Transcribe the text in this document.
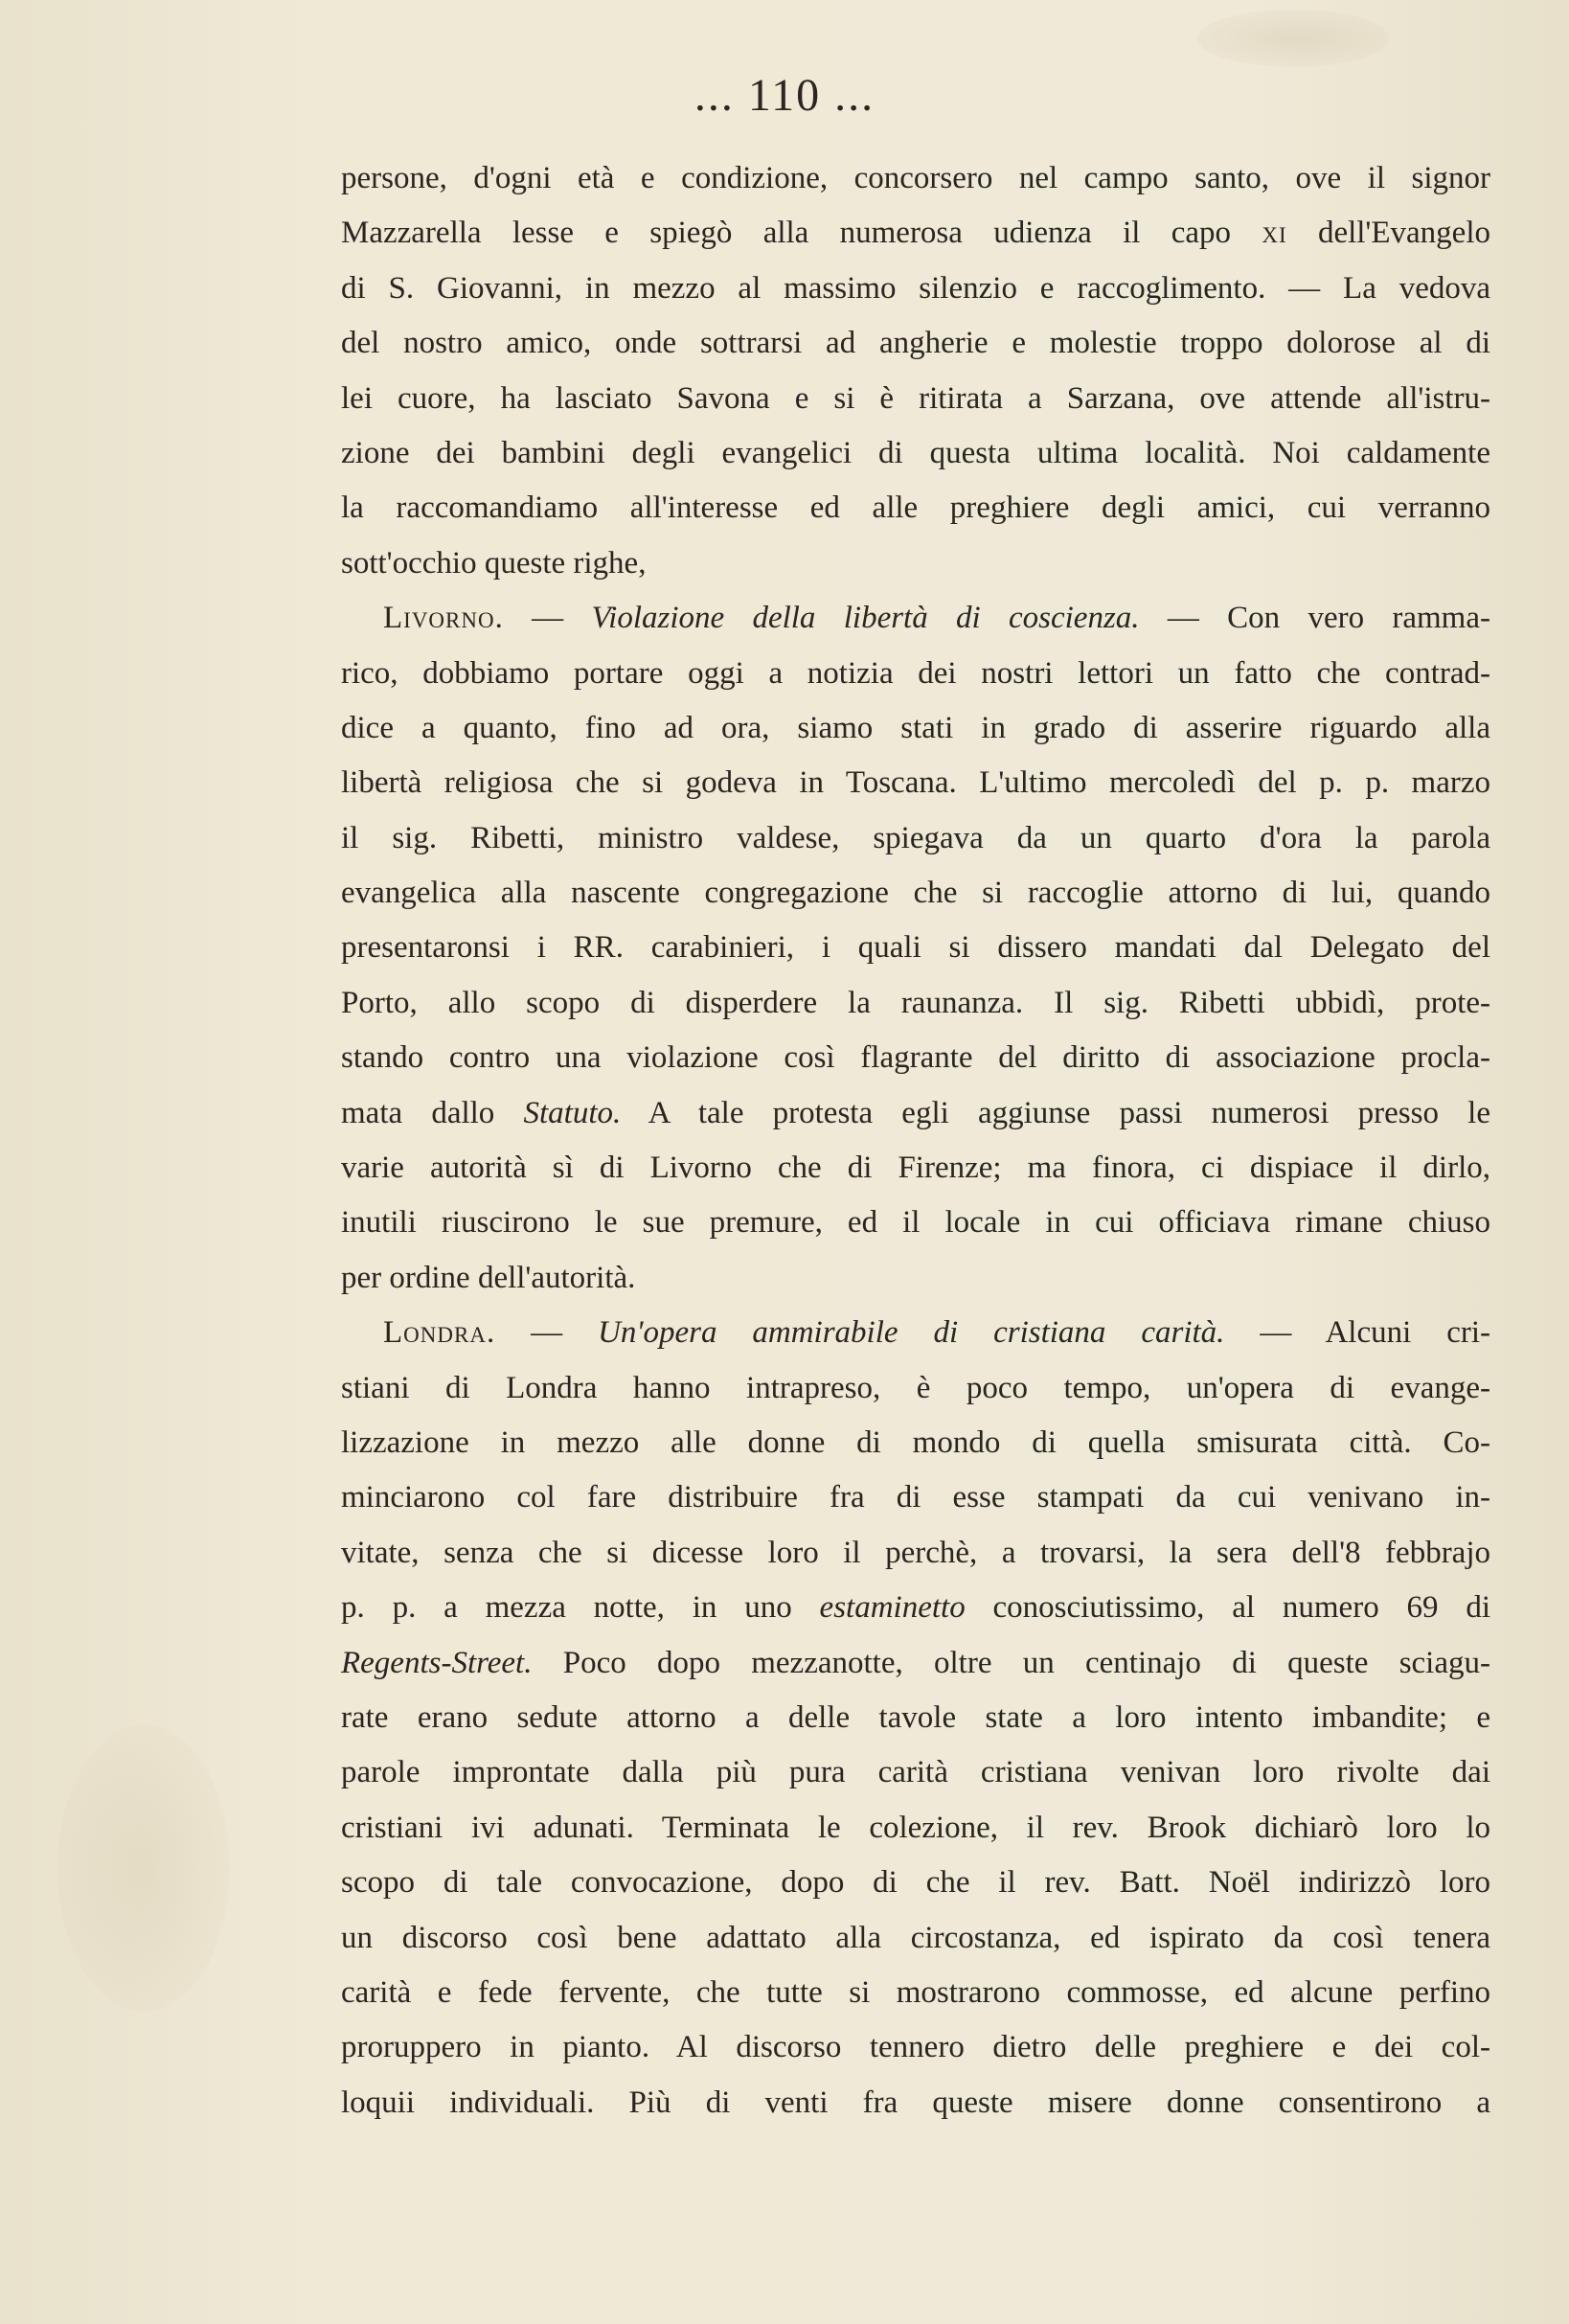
... 110 ...
persone, d'ogni età e condizione, concorsero nel campo santo, ove il signor
Mazzarella lesse e spiegò alla numerosa udienza il capo xi dell'Evangelo
di S. Giovanni, in mezzo al massimo silenzio e raccoglimento. — La vedova
del nostro amico, onde sottrarsi ad angherie e molestie troppo dolorose al di
lei cuore, ha lasciato Savona e si è ritirata a Sarzana, ove attende all'istru-
zione dei bambini degli evangelici di questa ultima località. Noi caldamente
la raccomandiamo all'interesse ed alle preghiere degli amici, cui verranno
sott'occhio queste righe,
Livorno. — Violazione della libertà di coscienza. — Con vero ramma-
rico, dobbiamo portare oggi a notizia dei nostri lettori un fatto che contrad-
dice a quanto, fino ad ora, siamo stati in grado di asserire riguardo alla
libertà religiosa che si godeva in Toscana. L'ultimo mercoledì del p. p. marzo
il sig. Ribetti, ministro valdese, spiegava da un quarto d'ora la parola
evangelica alla nascente congregazione che si raccoglie attorno di lui, quando
presentaronsi i RR. carabinieri, i quali si dissero mandati dal Delegato del
Porto, allo scopo di disperdere la raunanza. Il sig. Ribetti ubbidì, prote-
stando contro una violazione così flagrante del diritto di associazione procla-
mata dallo Statuto. A tale protesta egli aggiunse passi numerosi presso le
varie autorità sì di Livorno che di Firenze; ma finora, ci dispiace il dirlo,
inutili riuscirono le sue premure, ed il locale in cui officiava rimane chiuso
per ordine dell'autorità.
Londra. — Un'opera ammirabile di cristiana carità. — Alcuni cri-
stiani di Londra hanno intrapreso, è poco tempo, un'opera di evange-
lizzazione in mezzo alle donne di mondo di quella smisurata città. Co-
minciarono col fare distribuire fra di esse stampati da cui venivano in-
vitate, senza che si dicesse loro il perchè, a trovarsi, la sera dell'8 febbrajo
p. p. a mezza notte, in uno estaminetto conosciutissimo, al numero 69 di
Regents-Street. Poco dopo mezzanotte, oltre un centinajo di queste sciagu-
rate erano sedute attorno a delle tavole state a loro intento imbandite; e
parole improntate dalla più pura carità cristiana venivan loro rivolte dai
cristiani ivi adunati. Terminata le colezione, il rev. Brook dichiarò loro lo
scopo di tale convocazione, dopo di che il rev. Batt. Noël indirizzò loro
un discorso così bene adattato alla circostanza, ed ispirato da così tenera
carità e fede fervente, che tutte si mostrarono commosse, ed alcune perfino
proruppero in pianto. Al discorso tennero dietro delle preghiere e dei col-
loquii individuali. Più di venti fra queste misere donne consentirono a
